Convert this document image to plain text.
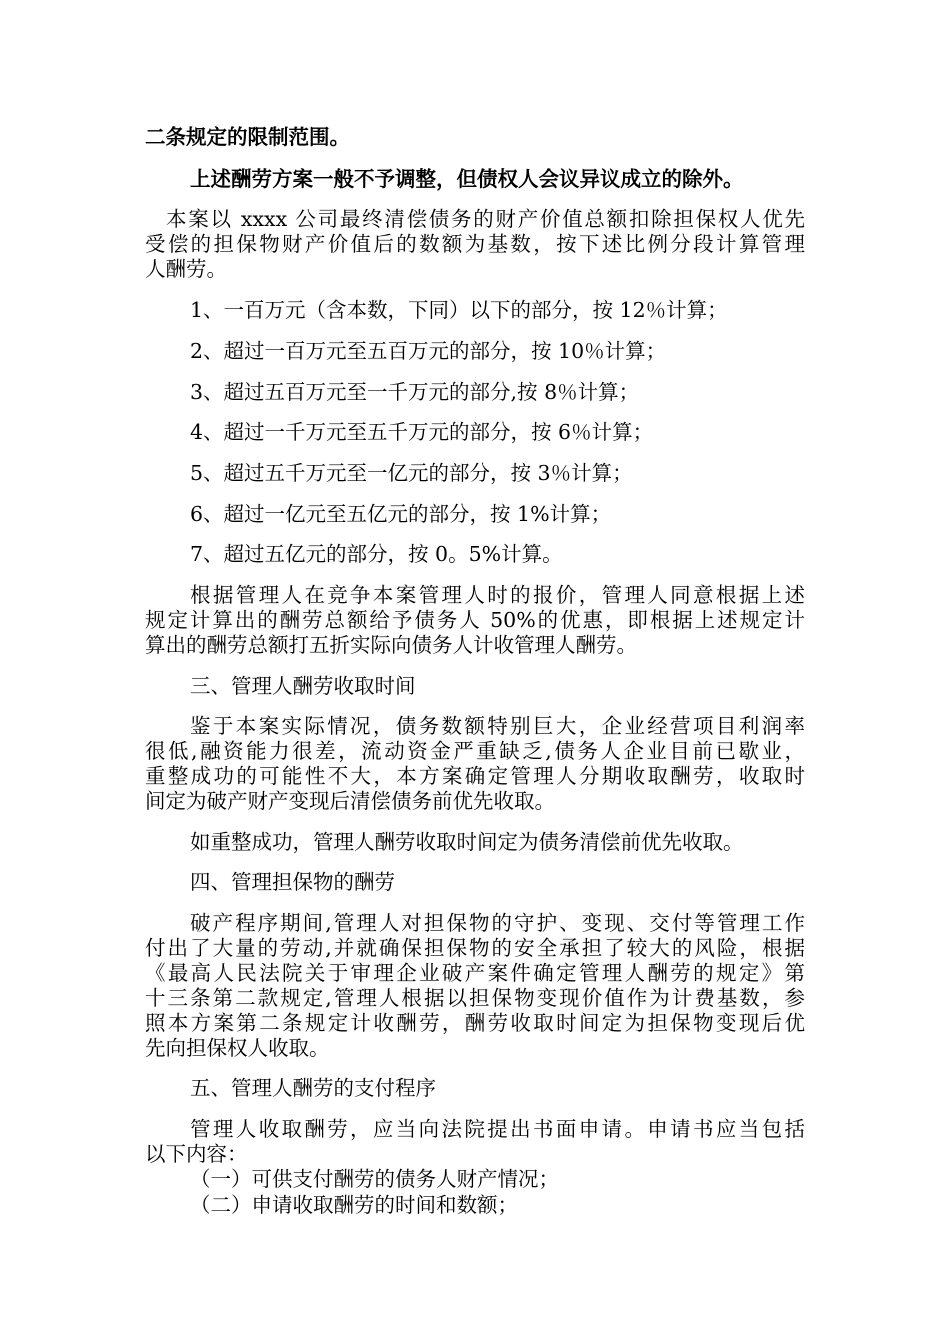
二条规定的限制范围。

上述酬劳方案一般不予调整，但债权人会议异议成立的除外。

本案以 xxxx 公司最终清偿债务的财产价值总额扣除担保权人优先

受偿的担保物财产价值后的数额为基数，按下述比例分段计算管理

人酬劳。

1、一百万元（含本数，下同）以下的部分，按 12％计算；

2、超过一百万元至五百万元的部分，按 10％计算；

3、超过五百万元至一千万元的部分,按 8％计算；

4、超过一千万元至五千万元的部分，按 6％计算；

5、超过五千万元至一亿元的部分，按 3％计算；

6、超过一亿元至五亿元的部分，按 1%计算；

7、超过五亿元的部分，按 0。5%计算。

根据管理人在竞争本案管理人时的报价，管理人同意根据上述

规定计算出的酬劳总额给予债务人 50%的优惠，即根据上述规定计

算出的酬劳总额打五折实际向债务人计收管理人酬劳。

三、管理人酬劳收取时间

鉴于本案实际情况，债务数额特别巨大，企业经营项目利润率

很低,融资能力很差，流动资金严重缺乏,债务人企业目前已歇业，

重整成功的可能性不大，本方案确定管理人分期收取酬劳，收取时

间定为破产财产变现后清偿债务前优先收取。

如重整成功，管理人酬劳收取时间定为债务清偿前优先收取。

四、管理担保物的酬劳

破产程序期间,管理人对担保物的守护、变现、交付等管理工作

付出了大量的劳动,并就确保担保物的安全承担了较大的风险，根据

《最高人民法院关于审理企业破产案件确定管理人酬劳的规定》第

十三条第二款规定,管理人根据以担保物变现价值作为计费基数，参

照本方案第二条规定计收酬劳，酬劳收取时间定为担保物变现后优

先向担保权人收取。

五、管理人酬劳的支付程序

管理人收取酬劳，应当向法院提出书面申请。申请书应当包括

以下内容：

（一）可供支付酬劳的债务人财产情况；

（二）申请收取酬劳的时间和数额；
